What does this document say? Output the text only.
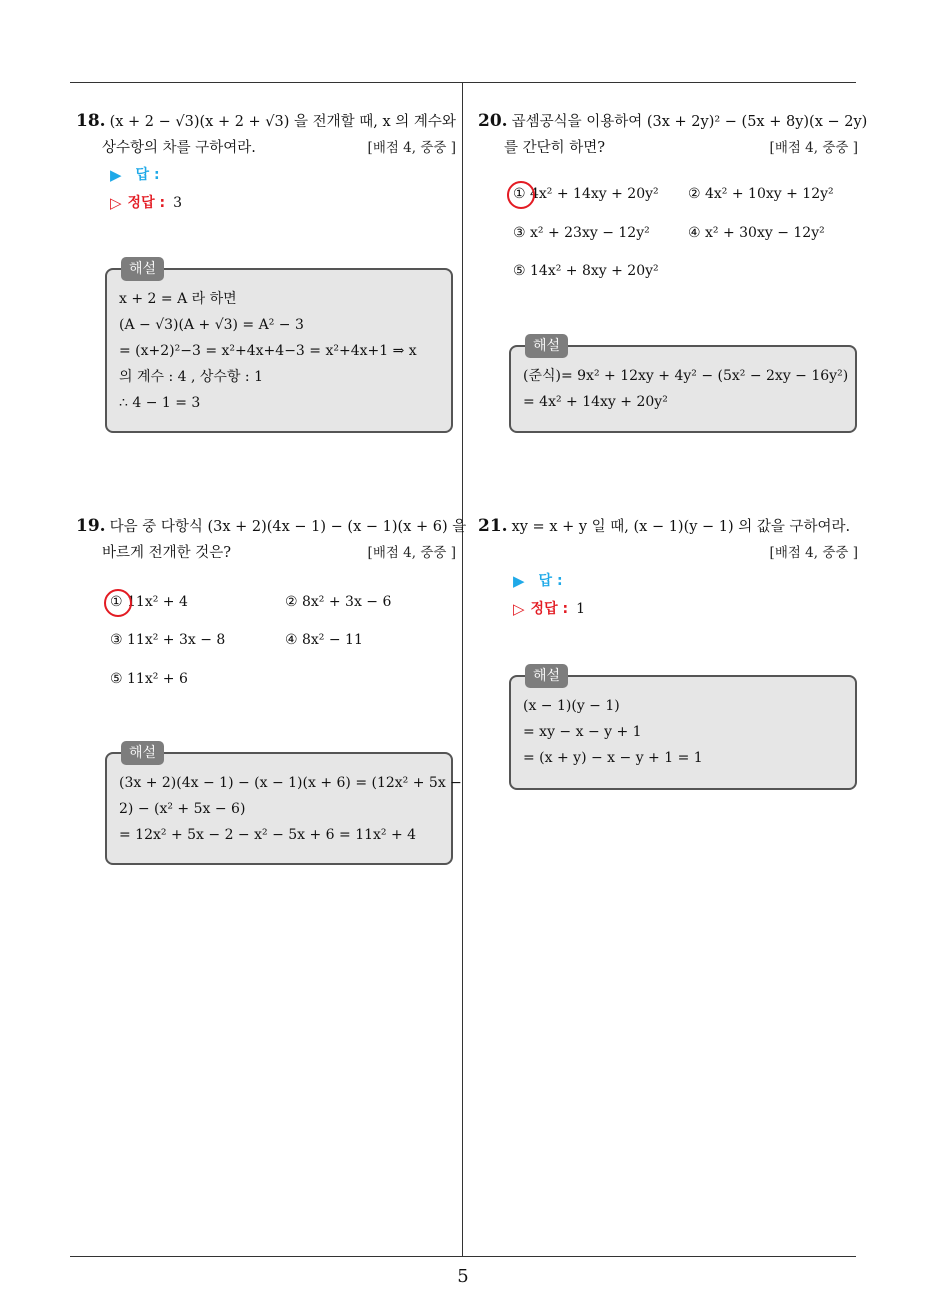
5
18. (x + 2 − √3)(x + 2 + √3) 을 전개할 때, x 의 계수와
상수항의 차를 구하여라.	[배점 4, 중중 ]
▶ 답 :
▷ 정답 : 3
해설
x + 2 = A 라 하면
(A − √3)(A + √3) = A² − 3
= (x+2)²−3 = x²+4x+4−3 = x²+4x+1 ⇒ x
의 계수 : 4 , 상수항 : 1
∴ 4 − 1 = 3
19. 다음 중 다항식 (3x + 2)(4x − 1) − (x − 1)(x + 6) 을
바르게 전개한 것은?	[배점 4, 중중 ]
① 11x² + 4	② 8x² + 3x − 6
③ 11x² + 3x − 8	④ 8x² − 11
⑤ 11x² + 6
해설
(3x + 2)(4x − 1) − (x − 1)(x + 6) = (12x² + 5x −
2) − (x² + 5x − 6)
= 12x² + 5x − 2 − x² − 5x + 6 = 11x² + 4
20. 곱셈공식을 이용하여 (3x + 2y)² − (5x + 8y)(x − 2y)
를 간단히 하면?	[배점 4, 중중 ]
① 4x² + 14xy + 20y² ② 4x² + 10xy + 12y²
③ x² + 23xy − 12y²	④ x² + 30xy − 12y²
⑤ 14x² + 8xy + 20y²
해설
(준식)= 9x² + 12xy + 4y² − (5x² − 2xy − 16y²)
= 4x² + 14xy + 20y²
21. xy = x + y 일 때, (x − 1)(y − 1) 의 값을 구하여라.
[배점 4, 중중 ]
▶ 답 :
▷ 정답 : 1
해설
(x − 1)(y − 1)
= xy − x − y + 1
= (x + y) − x − y + 1 = 1
